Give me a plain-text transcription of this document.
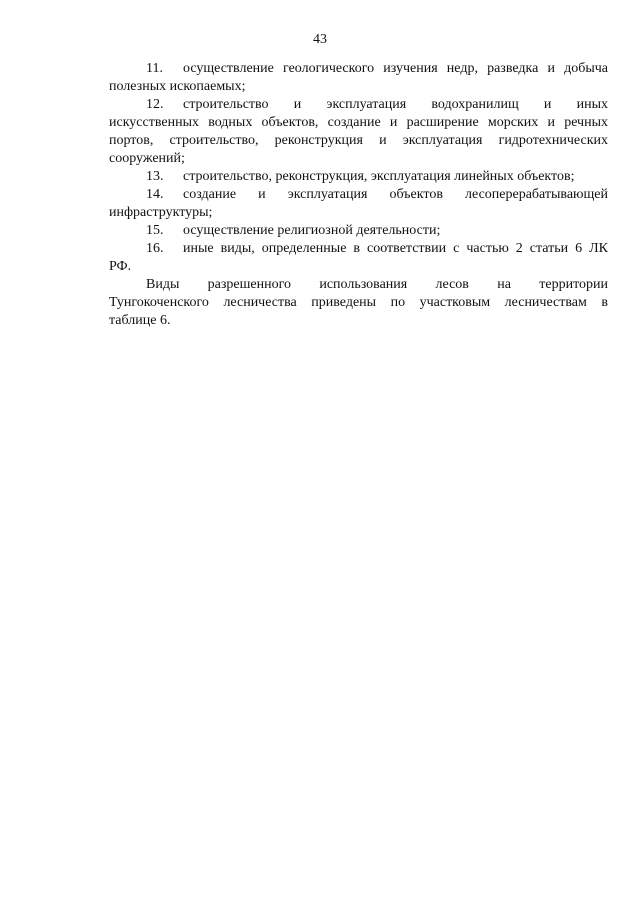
43
11. осуществление геологического изучения недр, разведка и добыча
полезных ископаемых;
12. строительство и эксплуатация водохранилищ и иных
искусственных водных объектов, создание и расширение морских и речных
портов, строительство, реконструкция и эксплуатация гидротехнических
сооружений;
13. строительство, реконструкция, эксплуатация линейных объектов;
14. создание и эксплуатация объектов лесоперерабатывающей
инфраструктуры;
15. осуществление религиозной деятельности;
16. иные виды, определенные в соответствии с частью 2 статьи 6 ЛК
РФ.
Виды разрешенного использования лесов на территории
Тунгокоченского лесничества приведены по участковым лесничествам в
таблице 6.
